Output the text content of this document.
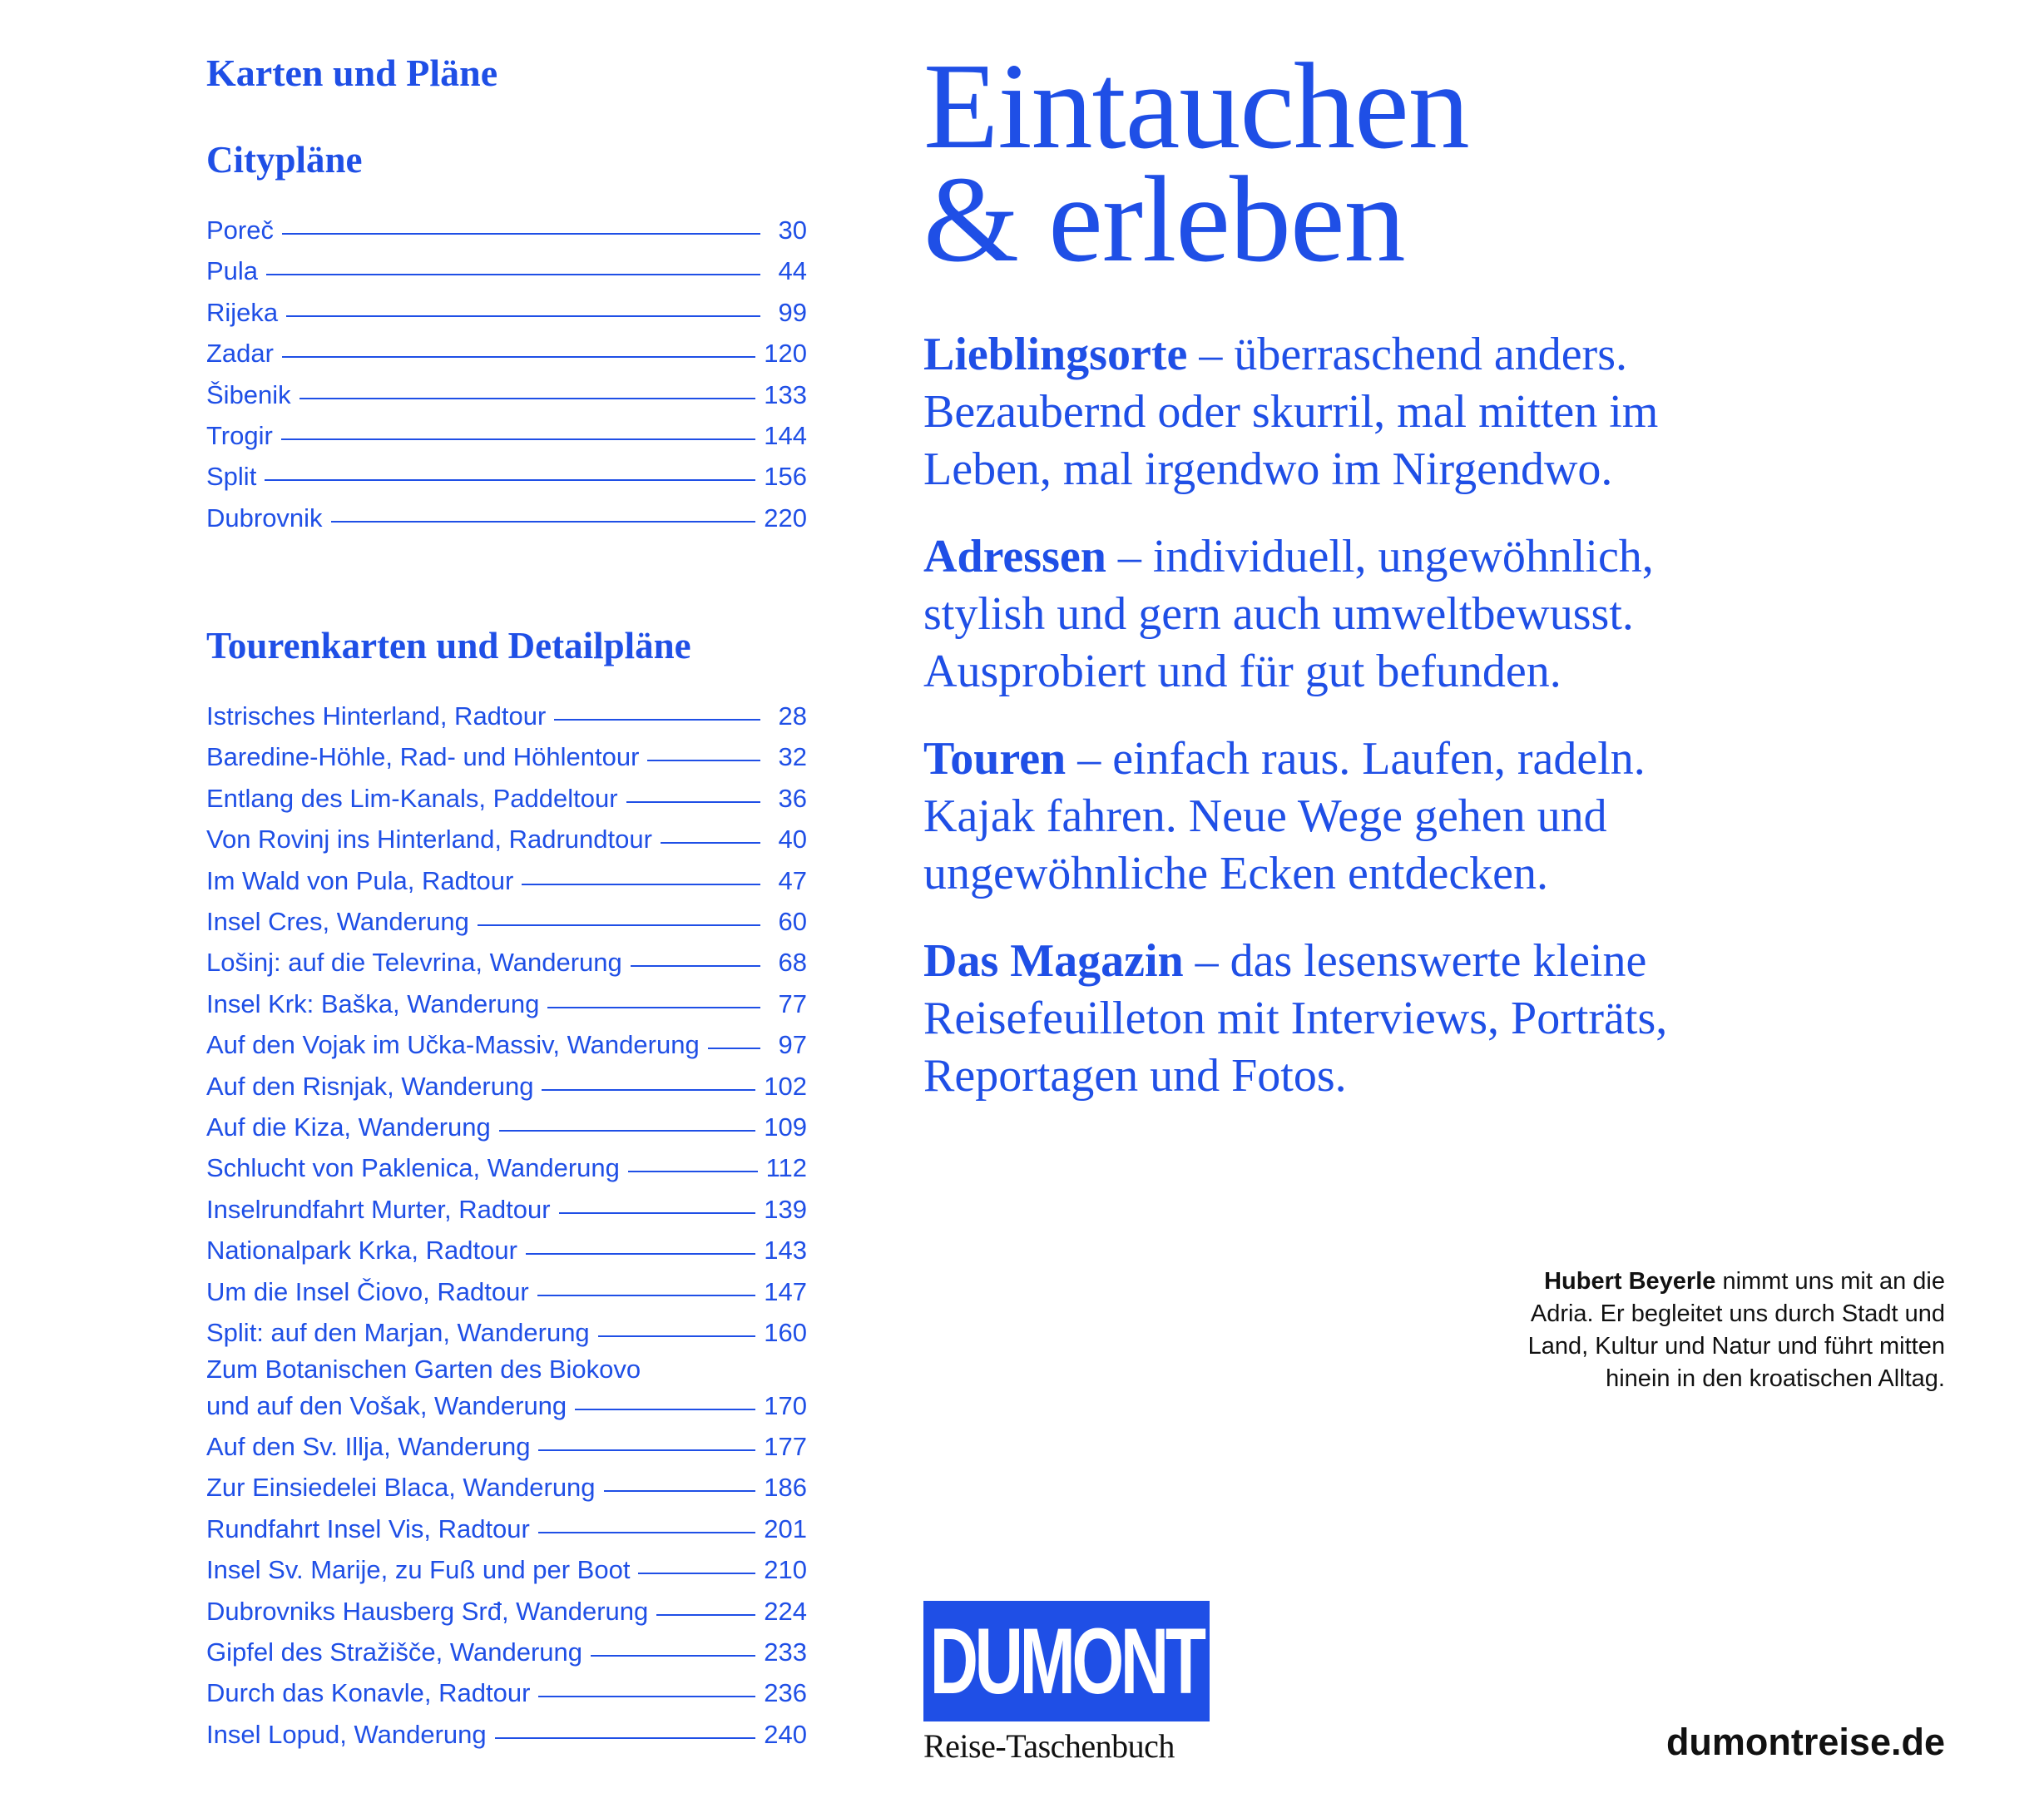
Karten und Pläne
Citypläne
Poreč	30
Pula	44
Rijeka	99
Zadar	120
Šibenik	133
Trogir	144
Split	156
Dubrovnik	220
Tourenkarten und Detailpläne
Istrisches Hinterland, Radtour	28
Baredine-Höhle, Rad- und Höhlentour	32
Entlang des Lim-Kanals, Paddeltour	36
Von Rovinj ins Hinterland, Radrundtour	40
Im Wald von Pula, Radtour	47
Insel Cres, Wanderung	60
Lošinj: auf die Televrina, Wanderung	68
Insel Krk: Baška, Wanderung	77
Auf den Vojak im Učka-Massiv, Wanderung	97
Auf den Risnjak, Wanderung	102
Auf die Kiza, Wanderung	109
Schlucht von Paklenica, Wanderung	112
Inselrundfahrt Murter, Radtour	139
Nationalpark Krka, Radtour	143
Um die Insel Čiovo, Radtour	147
Split: auf den Marjan, Wanderung	160
Zum Botanischen Garten des Biokovo
und auf den Vošak, Wanderung	170
Auf den Sv. Illja, Wanderung	177
Zur Einsiedelei Blaca, Wanderung	186
Rundfahrt Insel Vis, Radtour	201
Insel Sv. Marije, zu Fuß und per Boot	210
Dubrovniks Hausberg Srđ, Wanderung	224
Gipfel des Stražišče, Wanderung	233
Durch das Konavle, Radtour	236
Insel Lopud, Wanderung	240
Eintauchen
& erleben

Lieblingsorte – überraschend anders. Bezaubernd oder skurril, mal mitten im Leben, mal irgendwo im Nirgendwo.

Adressen – individuell, ungewöhnlich, stylish und gern auch umweltbewusst. Ausprobiert und für gut befunden.

Touren – einfach raus. Laufen, radeln. Kajak fahren. Neue Wege gehen und ungewöhnliche Ecken entdecken.

Das Magazin – das lesenswerte kleine Reisefeuilleton mit Interviews, Porträts, Reportagen und Fotos.

Hubert Beyerle nimmt uns mit an die Adria. Er begleitet uns durch Stadt und Land, Kultur und Natur und führt mitten hinein in den kroatischen Alltag.
DUMONT
Reise-Taschenbuch	dumontreise.de
